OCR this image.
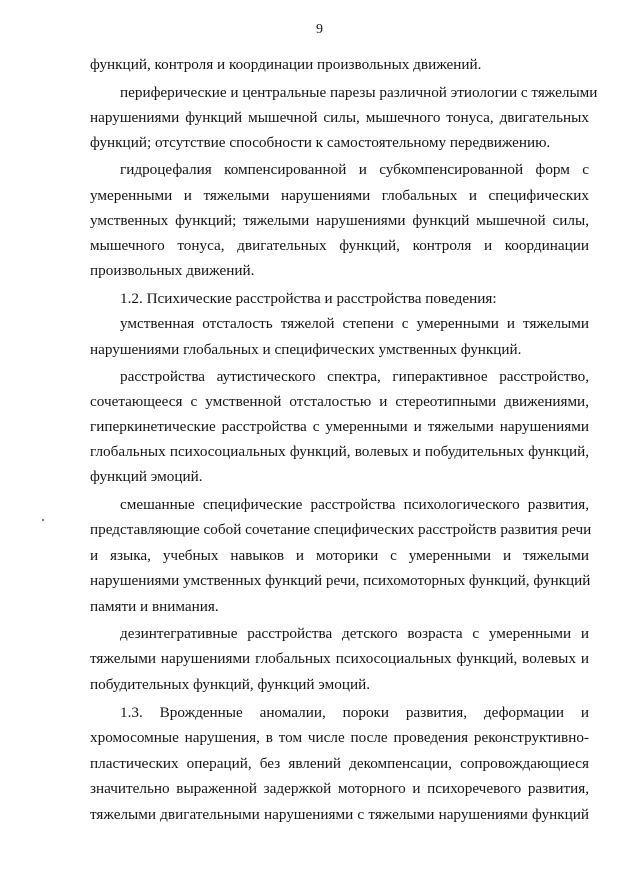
9
функций, контроля и координации произвольных движений.
периферические и центральные парезы различной этиологии с тяжелыми
нарушениями функций мышечной силы, мышечного тонуса, двигательных
функций; отсутствие способности к самостоятельному передвижению.
гидроцефалия компенсированной и субкомпенсированной форм с
умеренными и тяжелыми нарушениями глобальных и специфических
умственных функций; тяжелыми нарушениями функций мышечной силы,
мышечного тонуса, двигательных функций, контроля и координации
произвольных движений.
1.2. Психические расстройства и расстройства поведения:
умственная отсталость тяжелой степени с умеренными и тяжелыми
нарушениями глобальных и специфических умственных функций.
расстройства аутистического спектра, гиперактивное расстройство,
сочетающееся с умственной отсталостью и стереотипными движениями,
гиперкинетические расстройства с умеренными и тяжелыми нарушениями
глобальных психосоциальных функций, волевых и побудительных функций,
функций эмоций.
смешанные специфические расстройства психологического развития,
представляющие собой сочетание специфических расстройств развития речи
и языка, учебных навыков и моторики с умеренными и тяжелыми
нарушениями умственных функций речи, психомоторных функций, функций
памяти и внимания.
дезинтегративные расстройства детского возраста с умеренными и
тяжелыми нарушениями глобальных психосоциальных функций, волевых и
побудительных функций, функций эмоций.
1.3. Врожденные аномалии, пороки развития, деформации и
хромосомные нарушения, в том числе после проведения реконструктивно-
пластических операций, без явлений декомпенсации, сопровождающиеся
значительно выраженной задержкой моторного и психоречевого развития,
тяжелыми двигательными нарушениями с тяжелыми нарушениями функций
